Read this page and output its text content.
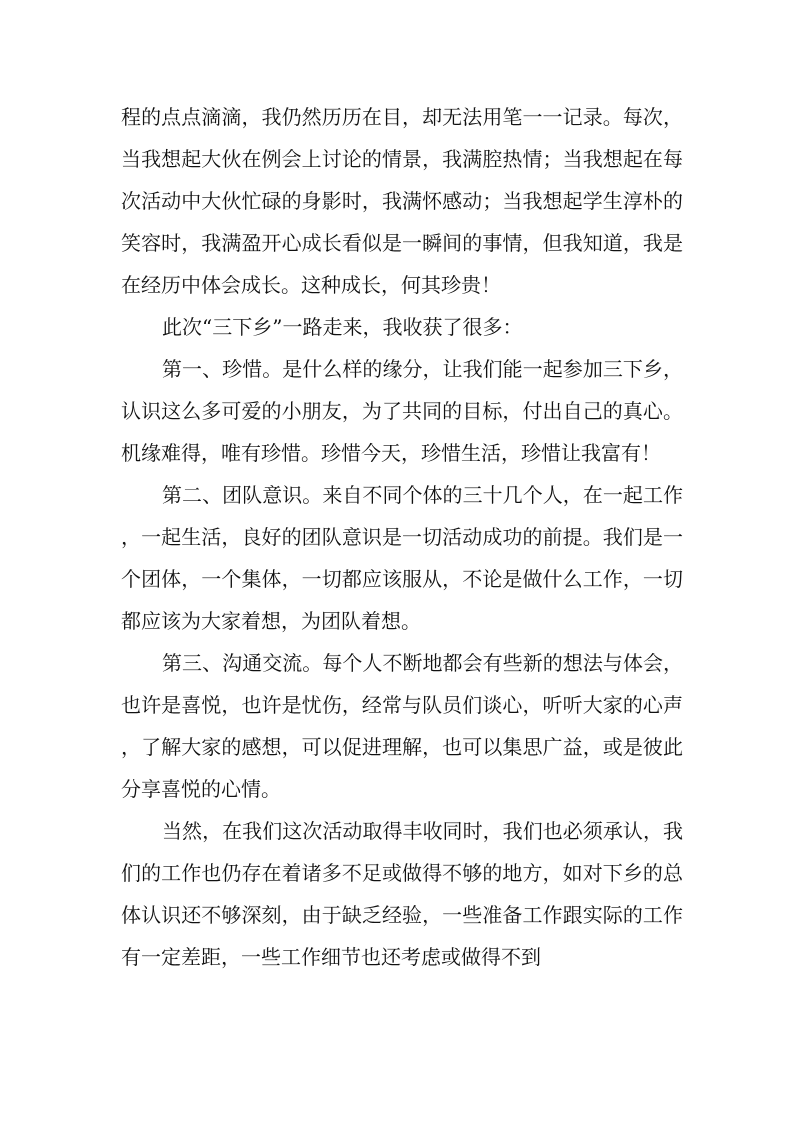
程的点点滴滴，我仍然历历在目，却无法用笔一一记录。每次，当我想起大伙在例会上讨论的情景，我满腔热情；当我想起在每次活动中大伙忙碌的身影时，我满怀感动；当我想起学生淳朴的笑容时，我满盈开心成长看似是一瞬间的事情，但我知道，我是在经历中体会成长。这种成长，何其珍贵！

此次“三下乡”一路走来，我收获了很多：

第一、珍惜。是什么样的缘分，让我们能一起参加三下乡，认识这么多可爱的小朋友，为了共同的目标，付出自己的真心。机缘难得，唯有珍惜。珍惜今天，珍惜生活，珍惜让我富有！

第二、团队意识。来自不同个体的三十几个人，在一起工作，一起生活，良好的团队意识是一切活动成功的前提。我们是一个团体，一个集体，一切都应该服从，不论是做什么工作，一切都应该为大家着想，为团队着想。

第三、沟通交流。每个人不断地都会有些新的想法与体会，也许是喜悦，也许是忧伤，经常与队员们谈心，听听大家的心声，了解大家的感想，可以促进理解，也可以集思广益，或是彼此分享喜悦的心情。

当然，在我们这次活动取得丰收同时，我们也必须承认，我们的工作也仍存在着诸多不足或做得不够的地方，如对下乡的总体认识还不够深刻，由于缺乏经验，一些准备工作跟实际的工作有一定差距，一些工作细节也还考虑或做得不到
